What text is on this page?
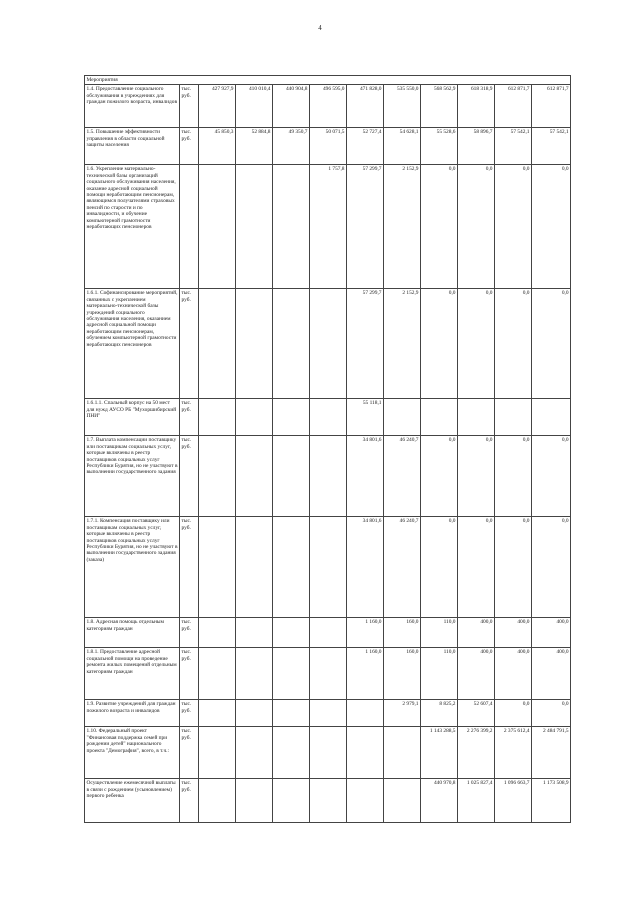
4
Мероприятия											
1.4. Предоставление социального обслуживания в учреждениях для граждан пожилого возраста, инвалидов	тыс. руб.	427 927,9	410 010,4	440 904,8	496 595,0	471 828,0	535 550,0	568 562,9	618 318,9	612 871,7	612 871,7
1.5. Повышение эффективности управления в области социальной защиты населения	тыс. руб.	45 850,3	52 884,8	49 350,7	50 071,5	52 727,4	54 628,1	55 528,6	58 896,7	57 542,1	57 542,1
1.6. Укрепление материально-технической базы организаций социального обслуживания населения, оказание адресной социальной помощи неработающим пенсионерам, являющимся получателями страховых пенсий по старости и по инвалидности, и обучение компьютерной грамотности неработающих пенсионеров					1 757,8	57 299,7	2 152,9	0,0	0,0	0,0	0,0
1.6.1. Софинансирование мероприятий, связанных с укреплением материально-технической базы учреждений социального обслуживания населения, оказанием адресной социальной помощи неработающим пенсионерам, обучением компьютерной грамотности неработающих пенсионеров	тыс. руб.					57 299,7	2 152,9	0,0	0,0	0,0	0,0
1.6.1.1. Спальный корпус на 50 мест для нужд АУСО РБ "Мухоршибирский ПНИ"	тыс. руб.					55 118,1					
1.7. Выплата компенсации поставщику или поставщикам социальных услуг, которые включены в реестр поставщиков социальных услуг Республики Бурятия, но не участвуют в выполнении государственного задания	тыс. руб.					34 801,6	46 240,7	0,0	0,0	0,0	0,0
1.7.1. Компенсация поставщику или поставщикам социальных услуг, которые включены в реестр поставщиков социальных услуг Республики Бурятия, но не участвуют в выполнении государственного задания (заказа)	тыс. руб.					34 801,6	46 240,7	0,0	0,0	0,0	0,0
1.8. Адресная помощь отдельным категориям граждан	тыс. руб.					1 160,0	160,0	110,0	400,0	400,0	400,0
1.8.1. Предоставление адресной социальной помощи на проведение ремонта жилых помещений отдельным категориям граждан	тыс. руб.					1 160,0	160,0	110,0	400,0	400,0	400,0
1.9. Развитие учреждений для граждан пожилого возраста и инвалидов	тыс. руб.						2 979,1	8 825,2	52 607,4	0,0	0,0
1.10. Федеральный проект "Финансовая поддержка семей при рождении детей" национального проекта "Демография", всего, в т.ч.:	тыс. руб.							1 143 288,5	2 276 399,2	2 375 612,4	2 484 791,5
Осуществление ежемесячной выплаты в связи с рождением (усыновлением) первого ребенка	тыс. руб.							440 970,8	1 025 827,4	1 096 663,7	1 173 508,9
